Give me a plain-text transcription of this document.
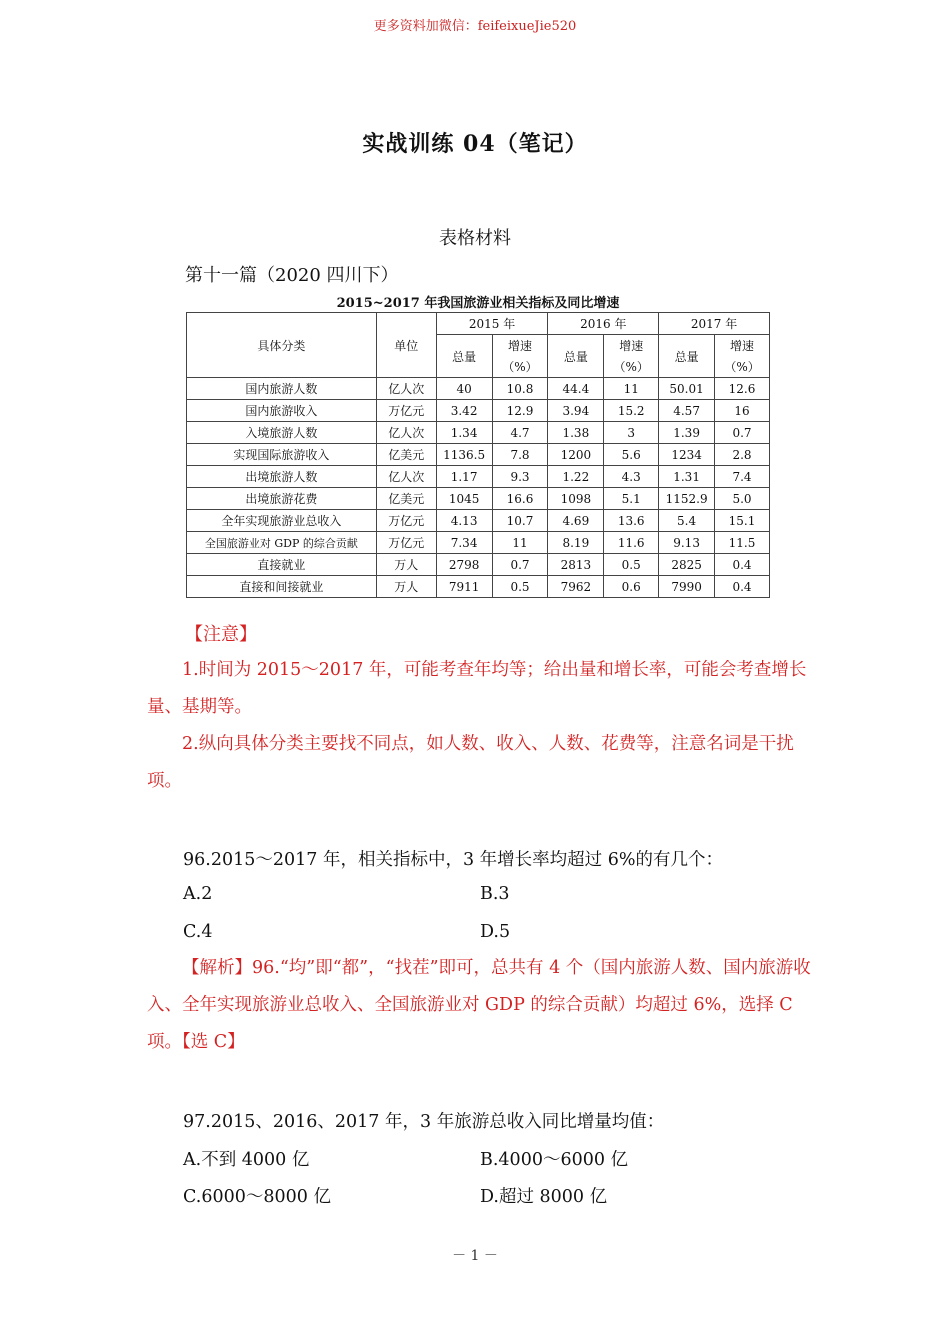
更多资料加微信：feifeixueJie520
实战训练 04（笔记）
表格材料
第十一篇（2020 四川下）
2015~2017 年我国旅游业相关指标及同比增速
具体分类	单位	2015 年		2016 年		2017 年	
		总量	增速	总量	增速	总量	增速
			（%）		（%）		（%）
国内旅游人数	亿人次	40	10.8	44.4	11	50.01	12.6
国内旅游收入	万亿元	3.42	12.9	3.94	15.2	4.57	16
入境旅游人数	亿人次	1.34	4.7	1.38	3	1.39	0.7
实现国际旅游收入	亿美元	1136.5	7.8	1200	5.6	1234	2.8
出境旅游人数	亿人次	1.17	9.3	1.22	4.3	1.31	7.4
出境旅游花费	亿美元	1045	16.6	1098	5.1	1152.9	5.0
全年实现旅游业总收入	万亿元	4.13	10.7	4.69	13.6	5.4	15.1
全国旅游业对 GDP 的综合贡献	万亿元	7.34	11	8.19	11.6	9.13	11.5
直接就业	万人	2798	0.7	2813	0.5	2825	0.4
直接和间接就业	万人	7911	0.5	7962	0.6	7990	0.4
【注意】
1.时间为 2015～2017 年，可能考查年均等；给出量和增长率，可能会考查增长量、基期等。
2.纵向具体分类主要找不同点，如人数、收入、人数、花费等，注意名词是干扰项。
96.2015～2017 年，相关指标中，3 年增长率均超过 6%的有几个：
A.2	B.3
C.4	D.5
【解析】96.“均”即“都”，“找茬”即可，总共有 4 个（国内旅游人数、国内旅游收入、全年实现旅游业总收入、全国旅游业对 GDP 的综合贡献）均超过 6%，选择 C 项。【选 C】
97.2015、2016、2017 年，3 年旅游总收入同比增量均值：
A.不到 4000 亿	B.4000～6000 亿
C.6000～8000 亿	D.超过 8000 亿
－ 1 －
